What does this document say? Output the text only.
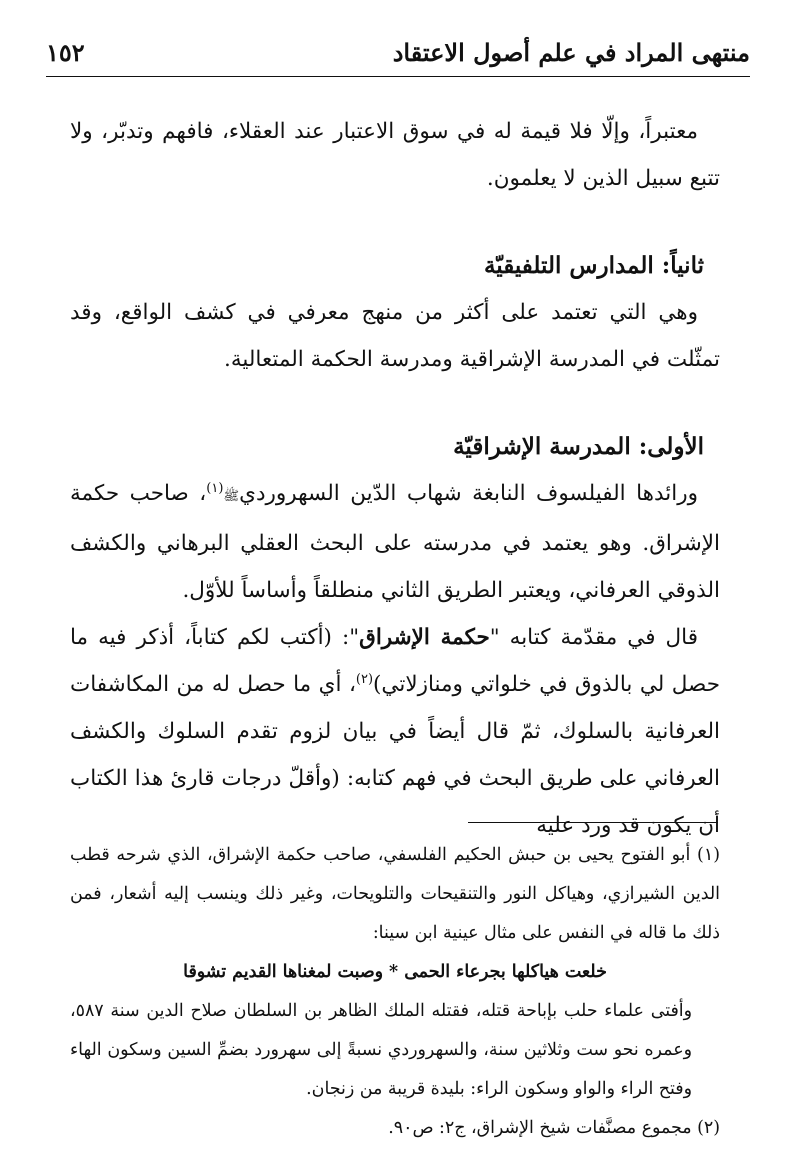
منتهى المراد في علم أصول الاعتقاد
١٥٢

معتبراً، وإلّا فلا قيمة له في سوق الاعتبار عند العقلاء، فافهم وتدبّر، ولا تتبع سبيل الذين لا يعلمون.

ثانياً: المدارس التلفيقيّة

وهي التي تعتمد على أكثر من منهج معرفي في كشف الواقع، وقد تمثّلت في المدرسة الإشراقية ومدرسة الحكمة المتعالية.

الأولى: المدرسة الإشراقيّة

ورائدها الفيلسوف النابغة شهاب الدّين السهرورديﷺ$^{(١)}$، صاحب حكمة الإشراق. وهو يعتمد في مدرسته على البحث العقلي البرهاني والكشف الذوقي العرفاني، ويعتبر الطريق الثاني منطلقاً وأساساً للأوّل.

قال في مقدّمة كتابه "حكمة الإشراق": (أكتب لكم كتاباً، أذكر فيه ما حصل لي بالذوق في خلواتي ومنازلاتي)$^{(٢)}$، أي ما حصل له من المكاشفات العرفانية بالسلوك، ثمّ قال أيضاً في بيان لزوم تقدم السلوك والكشف العرفاني على طريق البحث في فهم كتابه: (وأقلّ درجات قارئ هذا الكتاب أن يكون قد ورد عليه

(١) أبو الفتوح يحيى بن حبش الحكيم الفلسفي، صاحب حكمة الإشراق، الذي شرحه قطب الدين الشيرازي، وهياكل النور والتنقيحات والتلويحات، وغير ذلك وينسب إليه أشعار، فمن ذلك ما قاله في النفس على مثال عينية ابن سينا:

خلعت هياكلها بجرعاء الحمى * وصبت لمغناها القديم تشوقا

وأفتى علماء حلب بإباحة قتله، فقتله الملك الظاهر بن السلطان صلاح الدين سنة ٥٨٧، وعمره نحو ست وثلاثين سنة، والسهروردي نسبةً إلى سهرورد بضمِّ السين وسكون الهاء وفتح الراء والواو وسكون الراء: بليدة قريبة من زنجان.

(٢) مجموع مصنَّفات شيخ الإشراق، ج٢: ص٩٠.
